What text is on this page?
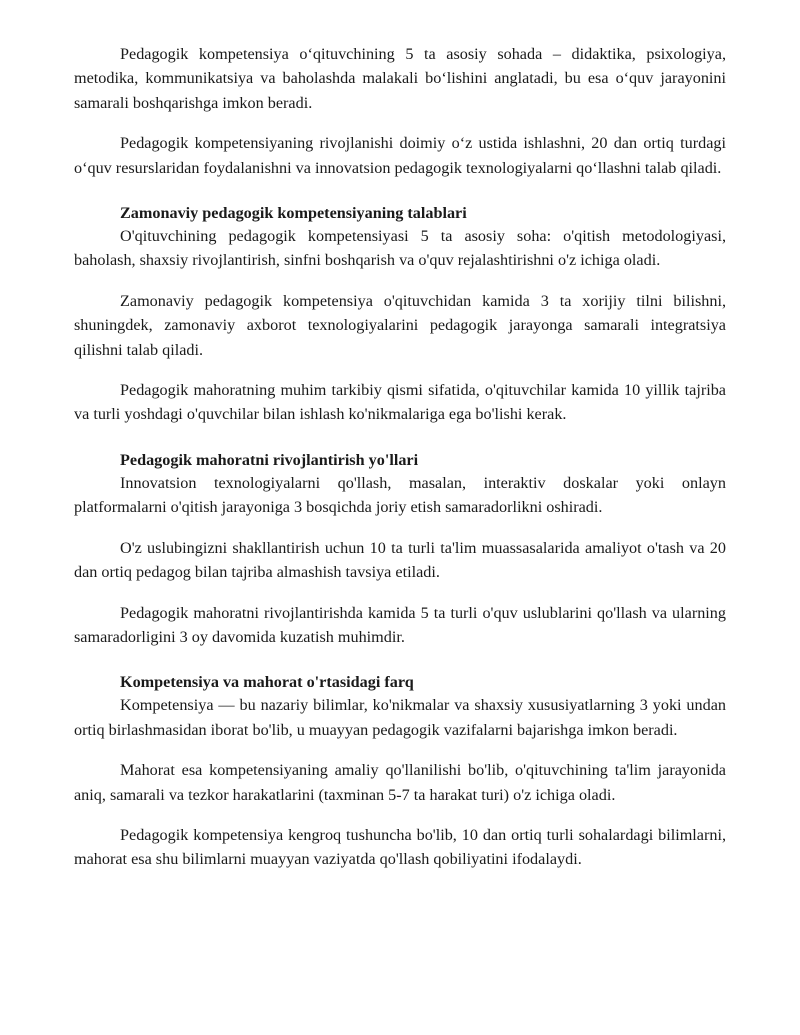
Pedagogik kompetensiya o‘qituvchining 5 ta asosiy sohada – didaktika, psixologiya, metodika, kommunikatsiya va baholashda malakali bo‘lishini anglatadi, bu esa o‘quv jarayonini samarali boshqarishga imkon beradi.

Pedagogik kompetensiyaning rivojlanishi doimiy o‘z ustida ishlashni, 20 dan ortiq turdagi o‘quv resurslaridan foydalanishni va innovatsion pedagogik texnologiyalarni qo‘llashni talab qiladi.

Zamonaviy pedagogik kompetensiyaning talablari

O'qituvchining pedagogik kompetensiyasi 5 ta asosiy soha: o'qitish metodologiyasi, baholash, shaxsiy rivojlantirish, sinfni boshqarish va o'quv rejalashtirishni o'z ichiga oladi.

Zamonaviy pedagogik kompetensiya o'qituvchidan kamida 3 ta xorijiy tilni bilishni, shuningdek, zamonaviy axborot texnologiyalarini pedagogik jarayonga samarali integratsiya qilishni talab qiladi.

Pedagogik mahoratning muhim tarkibiy qismi sifatida, o'qituvchilar kamida 10 yillik tajriba va turli yoshdagi o'quvchilar bilan ishlash ko'nikmalariga ega bo'lishi kerak.

Pedagogik mahoratni rivojlantirish yo'llari

Innovatsion texnologiyalarni qo'llash, masalan, interaktiv doskalar yoki onlayn platformalarni o'qitish jarayoniga 3 bosqichda joriy etish samaradorlikni oshiradi.

O'z uslubingizni shakllantirish uchun 10 ta turli ta'lim muassasalarida amaliyot o'tash va 20 dan ortiq pedagog bilan tajriba almashish tavsiya etiladi.

Pedagogik mahoratni rivojlantirishda kamida 5 ta turli o'quv uslublarini qo'llash va ularning samaradorligini 3 oy davomida kuzatish muhimdir.

Kompetensiya va mahorat o'rtasidagi farq

Kompetensiya — bu nazariy bilimlar, ko'nikmalar va shaxsiy xususiyatlarning 3 yoki undan ortiq birlashmasidan iborat bo'lib, u muayyan pedagogik vazifalarni bajarishga imkon beradi.

Mahorat esa kompetensiyaning amaliy qo'llanilishi bo'lib, o'qituvchining ta'lim jarayonida aniq, samarali va tezkor harakatlarini (taxminan 5-7 ta harakat turi) o'z ichiga oladi.

Pedagogik kompetensiya kengroq tushuncha bo'lib, 10 dan ortiq turli sohalardagi bilimlarni, mahorat esa shu bilimlarni muayyan vaziyatda qo'llash qobiliyatini ifodalaydi.
